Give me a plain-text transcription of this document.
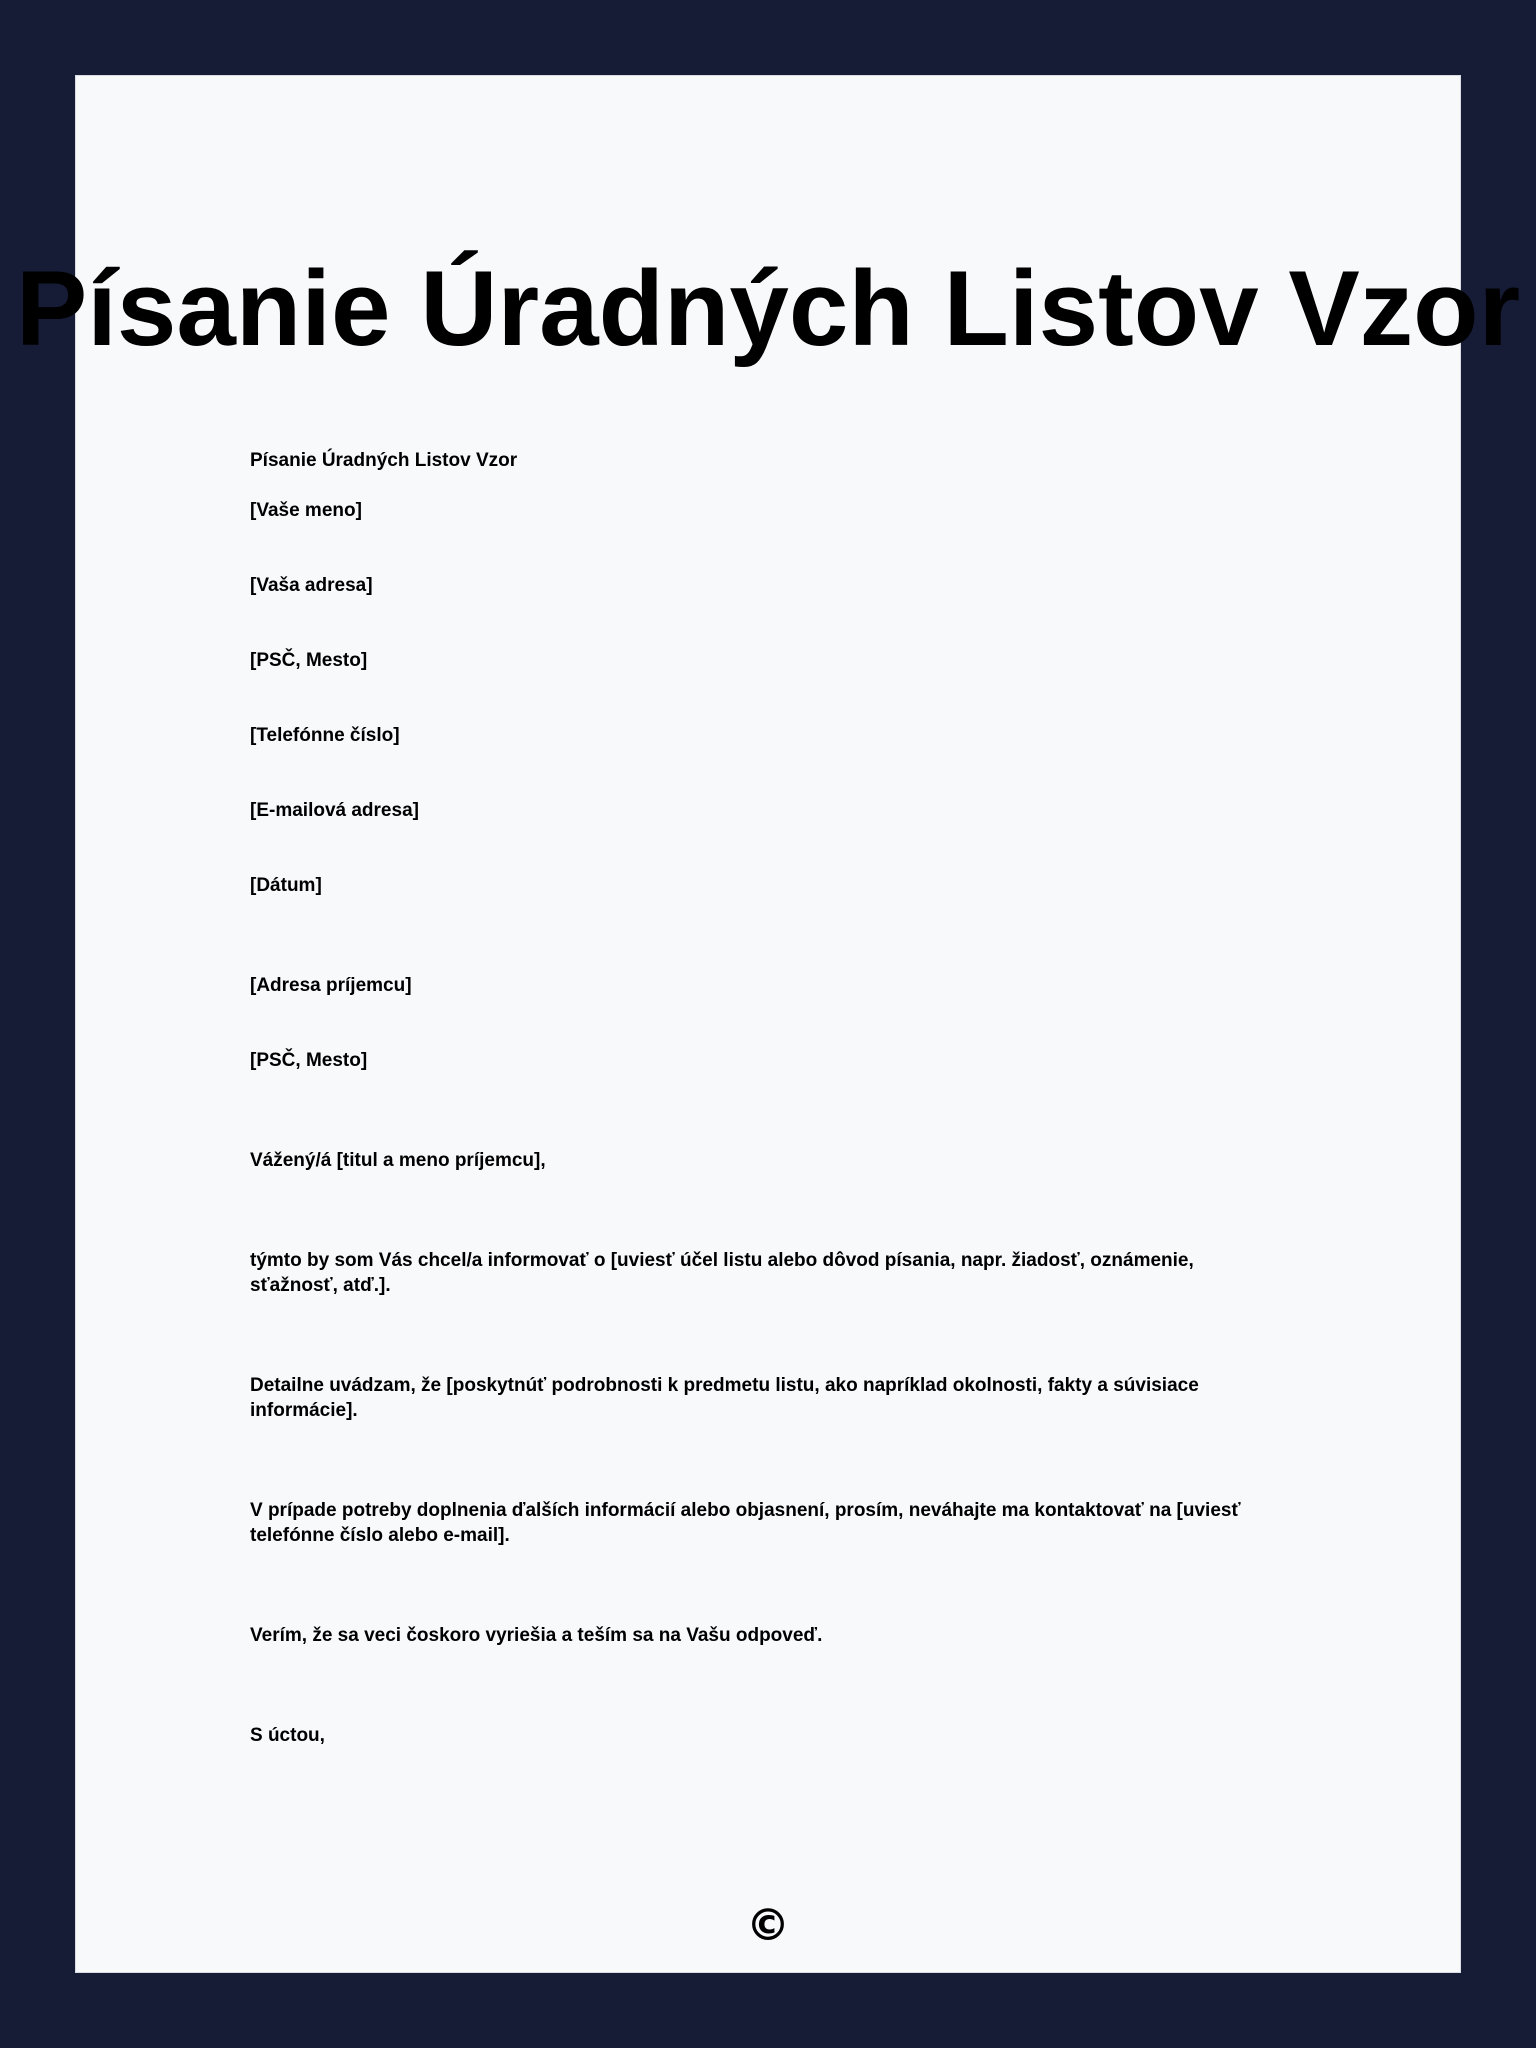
Písanie Úradných Listov Vzor

Písanie Úradných Listov Vzor

[Vaše meno]

[Vaša adresa]

[PSČ, Mesto]

[Telefónne číslo]

[E-mailová adresa]

[Dátum]

[Adresa príjemcu]

[PSČ, Mesto]

Vážený/á [titul a meno príjemcu],

týmto by som Vás chcel/a informovať o [uviesť účel listu alebo dôvod písania, napr. žiadosť, oznámenie, sťažnosť, atď.].

Detailne uvádzam, že [poskytnúť podrobnosti k predmetu listu, ako napríklad okolnosti, fakty a súvisiace informácie].

V prípade potreby doplnenia ďalších informácií alebo objasnení, prosím, neváhajte ma kontaktovať na [uviesť telefónne číslo alebo e-mail].

Verím, že sa veci čoskoro vyriešia a teším sa na Vašu odpoveď.

S úctou,

©
